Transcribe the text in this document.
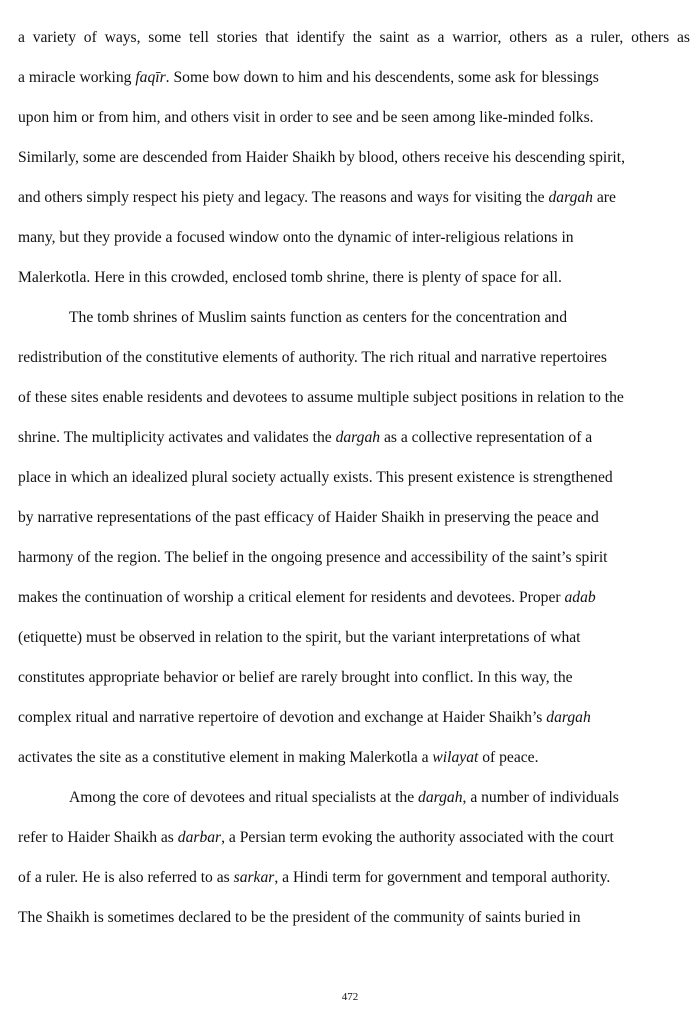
a variety of ways, some tell stories that identify the saint as a warrior, others as a ruler, others as
a miracle working faqīr. Some bow down to him and his descendents, some ask for blessings
upon him or from him, and others visit in order to see and be seen among like-minded folks.
Similarly, some are descended from Haider Shaikh by blood, others receive his descending spirit,
and others simply respect his piety and legacy. The reasons and ways for visiting the dargah are
many, but they provide a focused window onto the dynamic of inter-religious relations in
Malerkotla. Here in this crowded, enclosed tomb shrine, there is plenty of space for all.
The tomb shrines of Muslim saints function as centers for the concentration and
redistribution of the constitutive elements of authority. The rich ritual and narrative repertoires
of these sites enable residents and devotees to assume multiple subject positions in relation to the
shrine. The multiplicity activates and validates the dargah as a collective representation of a
place in which an idealized plural society actually exists. This present existence is strengthened
by narrative representations of the past efficacy of Haider Shaikh in preserving the peace and
harmony of the region. The belief in the ongoing presence and accessibility of the saint’s spirit
makes the continuation of worship a critical element for residents and devotees. Proper adab
(etiquette) must be observed in relation to the spirit, but the variant interpretations of what
constitutes appropriate behavior or belief are rarely brought into conflict. In this way, the
complex ritual and narrative repertoire of devotion and exchange at Haider Shaikh’s dargah
activates the site as a constitutive element in making Malerkotla a wilayat of peace.
Among the core of devotees and ritual specialists at the dargah, a number of individuals
refer to Haider Shaikh as darbar, a Persian term evoking the authority associated with the court
of a ruler. He is also referred to as sarkar, a Hindi term for government and temporal authority.
The Shaikh is sometimes declared to be the president of the community of saints buried in
472
